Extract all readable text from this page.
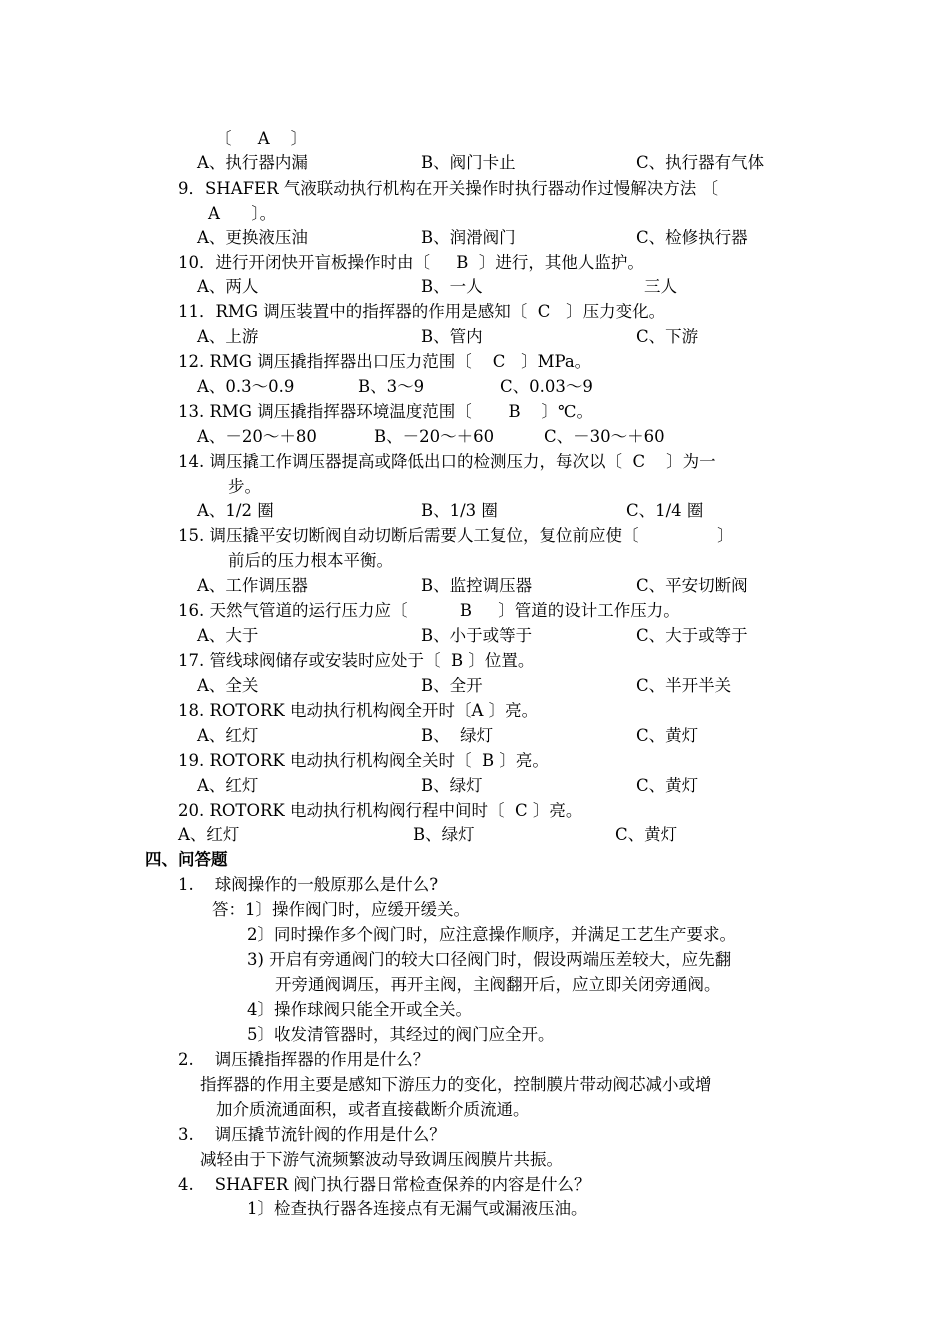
〔     A    〕
A、执行器内漏	B、阀门卡止	C、执行器有气体
9．SHAFER 气液联动执行机构在开关操作时执行器动作过慢解决方法 〔
A      〕。
A、更换液压油	B、润滑阀门	C、检修执行器
10．进行开闭快开盲板操作时由〔     B  〕进行，其他人监护。
A、两人	B、一人	三人
11．RMG 调压装置中的指挥器的作用是感知〔  C   〕压力变化。
A、上游	B、管内	C、下游
12. RMG 调压撬指挥器出口压力范围〔    C   〕MPa。
A、0.3～0.9	B、3～9	C、0.03～9
13. RMG 调压撬指挥器环境温度范围〔       B    〕℃。
A、－20～＋80	B、－20～＋60	C、－30～＋60
14. 调压撬工作调压器提高或降低出口的检测压力，每次以〔  C    〕为一
步。
A、1/2 圈	B、1/3 圈	C、1/4 圈
15. 调压撬平安切断阀自动切断后需要人工复位，复位前应使〔               〕
前后的压力根本平衡。
A、工作调压器	B、监控调压器	C、平安切断阀
16. 天然气管道的运行压力应〔          B     〕管道的设计工作压力。
A、大于	B、小于或等于	C、大于或等于
17. 管线球阀储存或安装时应处于〔  B 〕位置。
A、全关	B、全开	C、半开半关
18. ROTORK 电动执行机构阀全开时〔A 〕亮。
A、红灯	B、  绿灯	C、黄灯
19. ROTORK 电动执行机构阀全关时〔  B 〕亮。
A、红灯	B、绿灯	C、黄灯
20. ROTORK 电动执行机构阀行程中间时〔  C 〕亮。
A、红灯	B、绿灯	C、黄灯
四、问答题
1.    球阀操作的一般原那么是什么?
答：1〕操作阀门时，应缓开缓关。
2〕同时操作多个阀门时，应注意操作顺序，并满足工艺生产要求。
3) 开启有旁通阀门的较大口径阀门时，假设两端压差较大，应先翻
开旁通阀调压，再开主阀，主阀翻开后，应立即关闭旁通阀。
4〕操作球阀只能全开或全关。
5〕收发清管器时，其经过的阀门应全开。
2.    调压撬指挥器的作用是什么？
指挥器的作用主要是感知下游压力的变化，控制膜片带动阀芯减小或增
加介质流通面积，或者直接截断介质流通。
3.    调压撬节流针阀的作用是什么？
减轻由于下游气流频繁波动导致调压阀膜片共振。
4.    SHAFER 阀门执行器日常检查保养的内容是什么？
1〕检查执行器各连接点有无漏气或漏液压油。
